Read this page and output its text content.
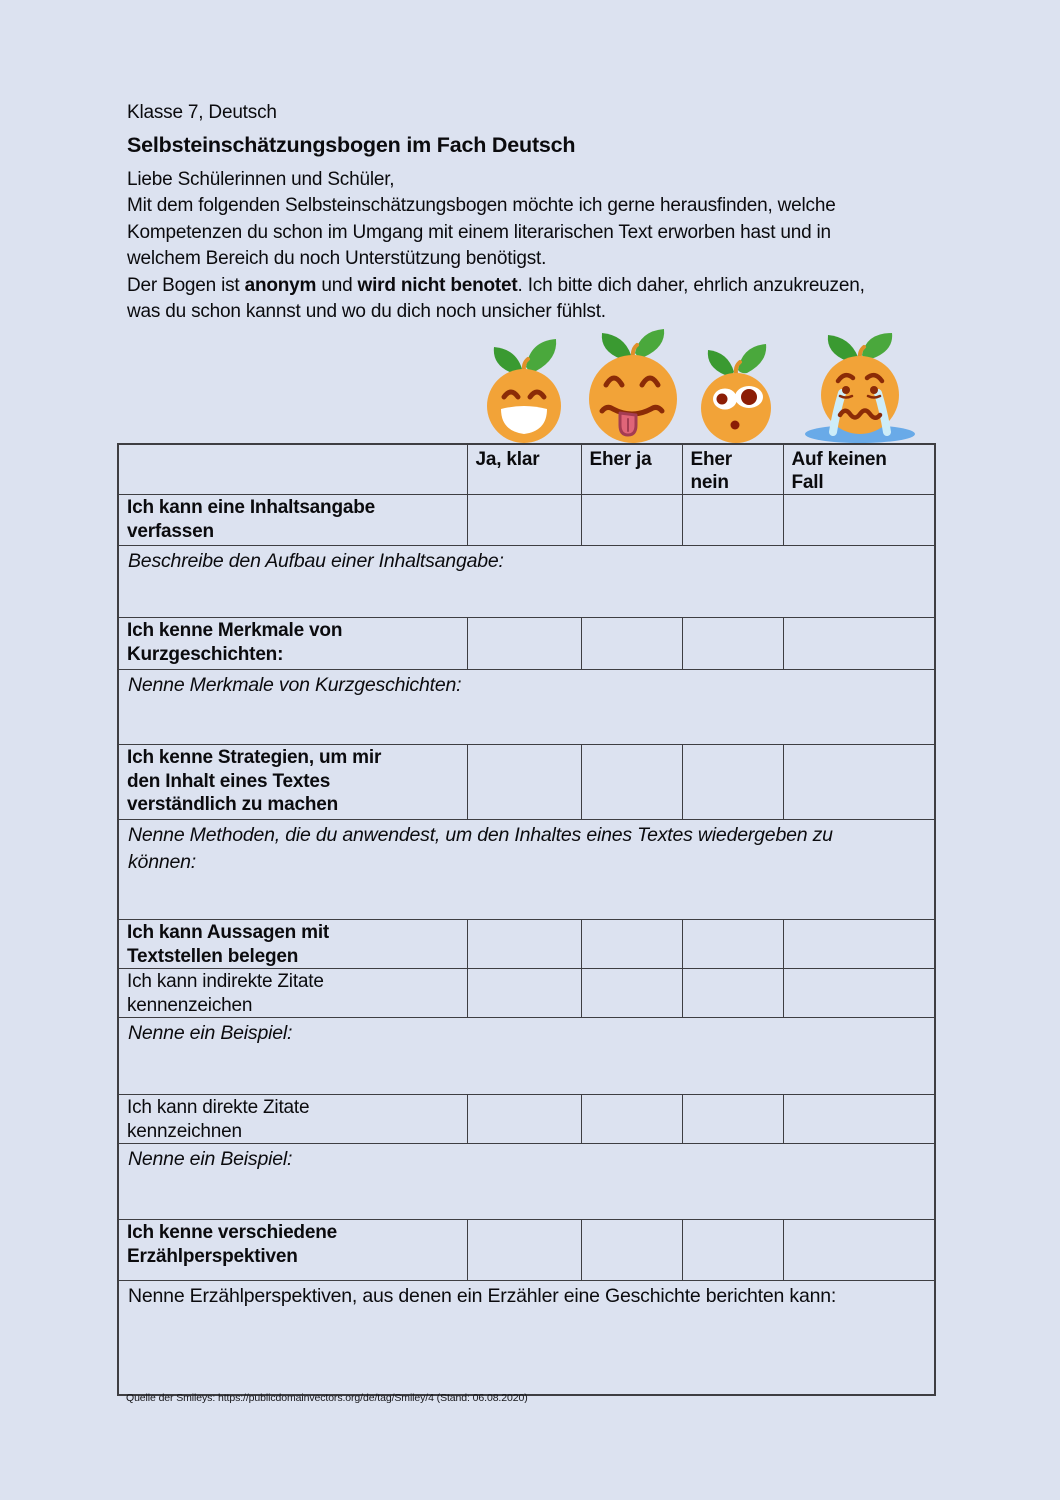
Klasse 7, Deutsch
Selbsteinschätzungsbogen im Fach Deutsch
Liebe Schülerinnen und Schüler,
Mit dem folgenden Selbsteinschätzungsbogen möchte ich gerne herausfinden, welche
Kompetenzen du schon im Umgang mit einem literarischen Text erworben hast und in
welchem Bereich du noch Unterstützung benötigst.
Der Bogen ist anonym und wird nicht benotet. Ich bitte dich daher, ehrlich anzukreuzen,
was du schon kannst und wo du dich noch unsicher fühlst.
	Ja, klar	Eher ja	Eher nein	Auf keinen Fall
Ich kann eine Inhaltsangabe
verfassen				
Beschreibe den Aufbau einer Inhaltsangabe:				
Ich kenne Merkmale von
Kurzgeschichten:				
Nenne Merkmale von Kurzgeschichten:				
Ich kenne Strategien, um mir
den Inhalt eines Textes
verständlich zu machen				
Nenne Methoden, die du anwendest, um den Inhaltes eines Textes wiedergeben zu
können:				
Ich kann Aussagen mit
Textstellen belegen				
Ich kann indirekte Zitate
kennenzeichen				
Nenne ein Beispiel:				
Ich kann direkte Zitate
kennzeichnen				
Nenne ein Beispiel:				
Ich kenne verschiedene
Erzählperspektiven				
Nenne Erzählperspektiven, aus denen ein Erzähler eine Geschichte berichten kann:				
Quelle der Smileys: https://publicdomainvectors.org/de/tag/Smiley/4 (Stand: 06.08.2020)
